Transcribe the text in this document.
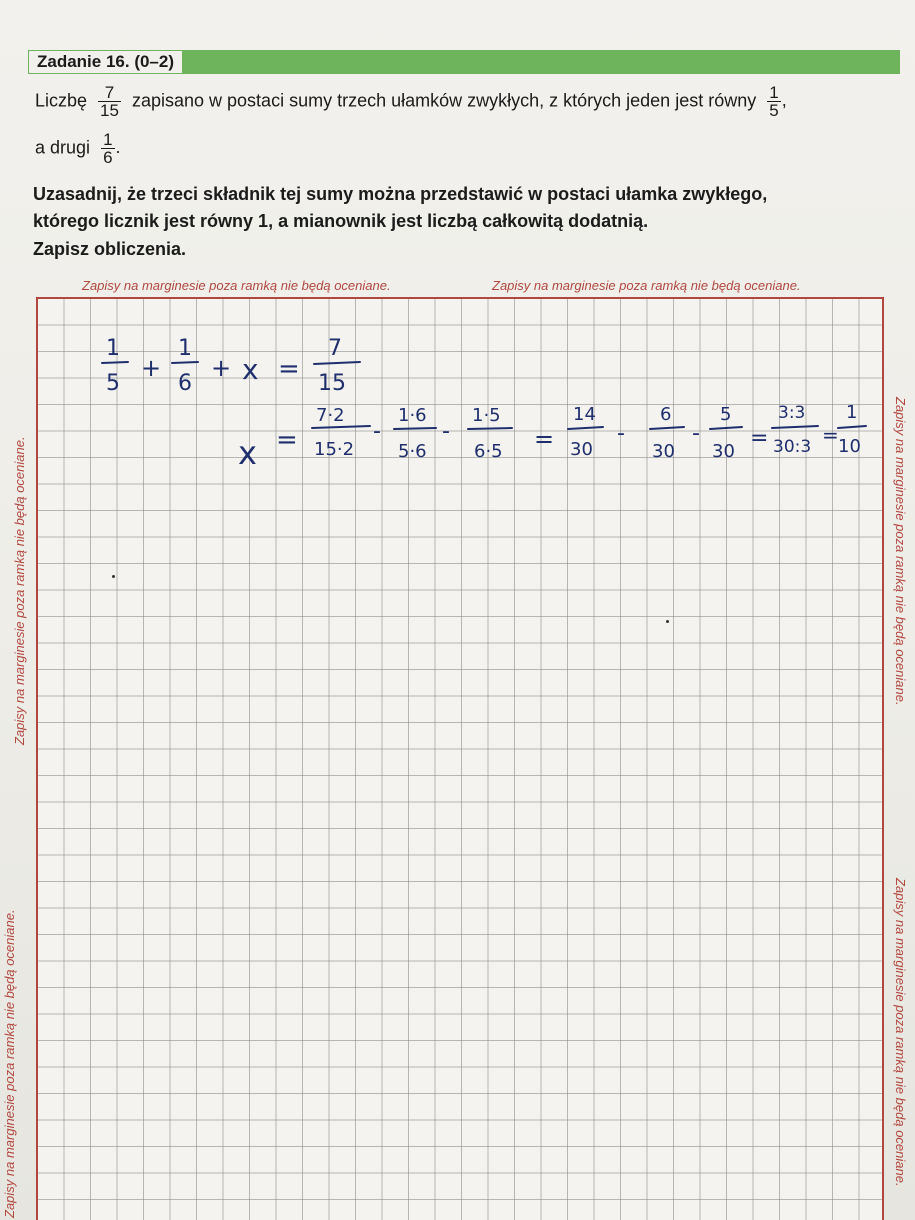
Zadanie 16. (0–2)
Liczbę $\frac{7}{15}$ zapisano w postaci sumy trzech ułamków zwykłych, z których jeden jest równy $\frac{1}{5}$ ,
a drugi $\frac{1}{6}$ .
Uzasadnij, że trzeci składnik tej sumy można przedstawić w postaci ułamka zwykłego,
którego licznik jest równy 1, a mianownik jest liczbą całkowitą dodatnią.
Zapisz obliczenia.
Zapisy na marginesie poza ramką nie będą oceniane.	Zapisy na marginesie poza ramką nie będą oceniane.
Zapisy na marginesie poza ramką nie będą oceniane.
Zapisy na marginesie poza ramką nie będą oceniane.
Zapisy na marginesie poza ramką nie będą oceniane.
Zapisy na marginesie poza ramką nie będą oceniane.
1
5
+
1
6
+ x =
7
15
x =
7·2
15·2
-
1·6
5·6
-
1·5
6·5 =
14
30
-
6
30
-
5
30
=
3:3
30:3 =
1
10
